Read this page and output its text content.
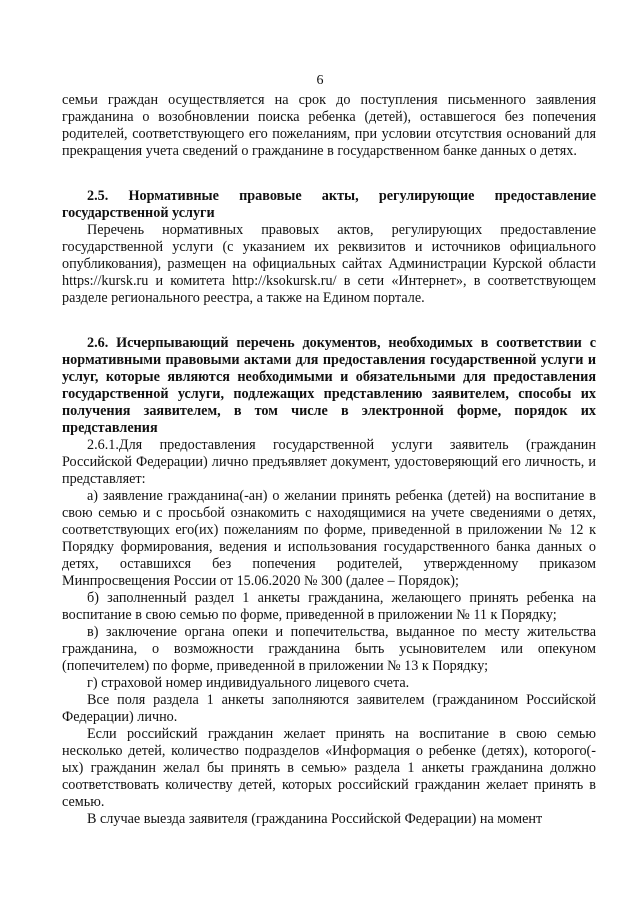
6

семьи граждан осуществляется на срок до поступления письменного заявления гражданина о возобновлении поиска ребенка (детей), оставшегося без попечения родителей, соответствующего его пожеланиям, при условии отсутствия оснований для прекращения учета сведений о гражданине в государственном банке данных о детях.

2.5. Нормативные правовые акты, регулирующие предоставление государственной услуги

Перечень нормативных правовых актов, регулирующих предоставление государственной услуги (с указанием их реквизитов и источников официального опубликования), размещен на официальных сайтах Администрации Курской области https://kursk.ru и комитета http://ksokursk.ru/ в сети «Интернет», в соответствующем разделе регионального реестра, а также на Едином портале.

2.6. Исчерпывающий перечень документов, необходимых в соответствии с нормативными правовыми актами для предоставления государственной услуги и услуг, которые являются необходимыми и обязательными для предоставления государственной услуги, подлежащих представлению заявителем, способы их получения заявителем, в том числе в электронной форме, порядок их представления

2.6.1.Для предоставления государственной услуги заявитель (гражданин Российской Федерации) лично предъявляет документ, удостоверяющий его личность, и представляет:

а) заявление гражданина(-ан) о желании принять ребенка (детей) на воспитание в свою семью и с просьбой ознакомить с находящимися на учете сведениями о детях, соответствующих его(их) пожеланиям по форме, приведенной в приложении № 12 к Порядку формирования, ведения и использования государственного банка данных о детях, оставшихся без попечения родителей, утвержденному приказом Минпросвещения России от 15.06.2020 № 300 (далее – Порядок);

б) заполненный раздел 1 анкеты гражданина, желающего принять ребенка на воспитание в свою семью по форме, приведенной в приложении № 11 к Порядку;

в) заключение органа опеки и попечительства, выданное по месту жительства гражданина, о возможности гражданина быть усыновителем или опекуном (попечителем) по форме, приведенной в приложении № 13 к Порядку;

г) страховой номер индивидуального лицевого счета.

Все поля раздела 1 анкеты заполняются заявителем (гражданином Российской Федерации) лично.

Если российский гражданин желает принять на воспитание в свою семью несколько детей, количество подразделов «Информация о ребенке (детях), которого(-ых) гражданин желал бы принять в семью» раздела 1 анкеты гражданина должно соответствовать количеству детей, которых российский гражданин желает принять в семью.

В случае выезда заявителя (гражданина Российской Федерации) на момент
